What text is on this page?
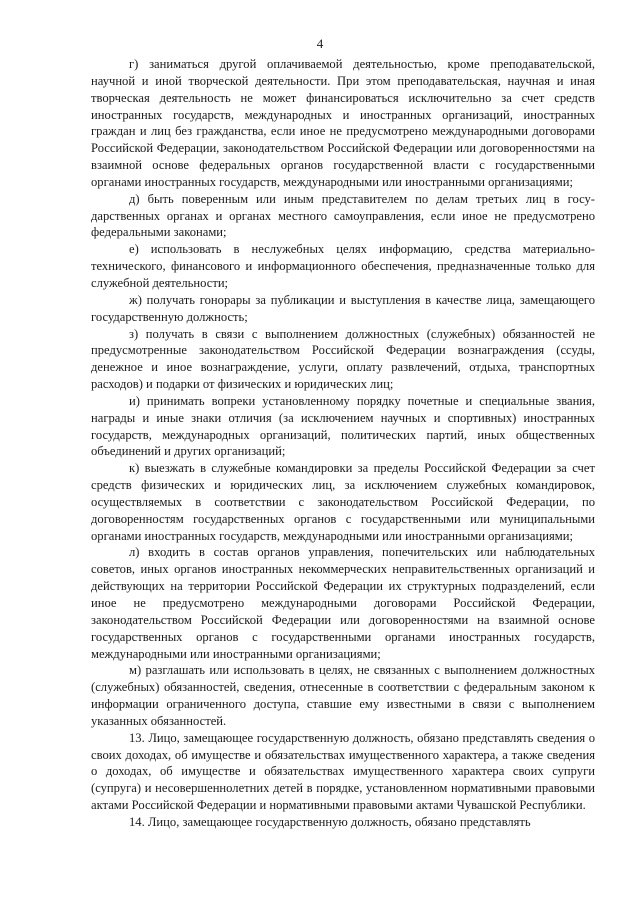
4

г) заниматься другой оплачиваемой деятельностью, кроме преподавательской, научной и иной творческой деятельности. При этом преподавательская, научная и иная творческая деятельность не может финансироваться исключительно за счет средств иностранных государств, международных и иностранных организаций, иностранных граждан и лиц без гражданства, если иное не предусмотрено международными договорами Российской Федерации, законодательством Российской Федерации или договоренностями на взаимной основе федеральных органов государственной власти с государственными органами иностранных государств, международными или иностранными организациями;

д) быть поверенным или иным представителем по делам третьих лиц в государственных органах и органах местного самоуправления, если иное не предусмотрено федеральными законами;

е) использовать в неслужебных целях информацию, средства материально-технического, финансового и информационного обеспечения, предназначенные только для служебной деятельности;

ж) получать гонорары за публикации и выступления в качестве лица, замещающего государственную должность;

з) получать в связи с выполнением должностных (служебных) обязанностей не предусмотренные законодательством Российской Федерации вознаграждения (ссуды, денежное и иное вознаграждение, услуги, оплату развлечений, отдыха, транспортных расходов) и подарки от физических и юридических лиц;

и) принимать вопреки установленному порядку почетные и специальные звания, награды и иные знаки отличия (за исключением научных и спортивных) иностранных государств, международных организаций, политических партий, иных общественных объединений и других организаций;

к) выезжать в служебные командировки за пределы Российской Федерации за счет средств физических и юридических лиц, за исключением служебных командировок, осуществляемых в соответствии с законодательством Российской Федерации, по договоренностям государственных органов с государственными или муниципальными органами иностранных государств, международными или иностранными организациями;

л) входить в состав органов управления, попечительских или наблюдательных советов, иных органов иностранных некоммерческих неправительственных организаций и действующих на территории Российской Федерации их структурных подразделений, если иное не предусмотрено международными договорами Российской Федерации, законодательством Российской Федерации или договоренностями на взаимной основе государственных органов с государственными органами иностранных государств, международными или иностранными организациями;

м) разглашать или использовать в целях, не связанных с выполнением должностных (служебных) обязанностей, сведения, отнесенные в соответствии с федеральным законом к информации ограниченного доступа, ставшие ему известными в связи с выполнением указанных обязанностей.

13. Лицо, замещающее государственную должность, обязано представлять сведения о своих доходах, об имуществе и обязательствах имущественного характера, а также сведения о доходах, об имуществе и обязательствах имущественного характера своих супруги (супруга) и несовершеннолетних детей в порядке, установленном нормативными правовыми актами Российской Федерации и нормативными правовыми актами Чувашской Республики.

14. Лицо, замещающее государственную должность, обязано представлять
